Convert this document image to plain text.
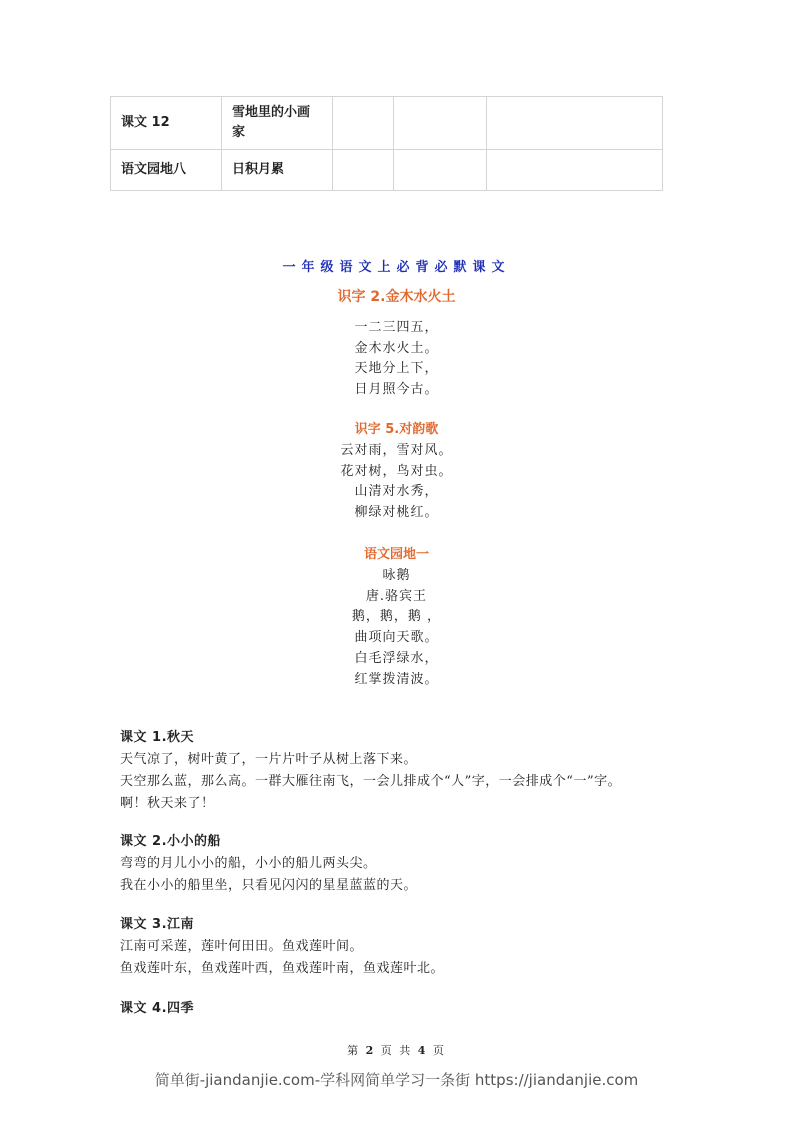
课文 12	雪地里的小画家			
语文园地八	日积月累			
一年级语文上必背必默课文
识字 2.金木水火土
一二三四五，
金木水火土。
天地分上下，
日月照今古。
识字 5.对韵歌
云对雨，雪对风。
花对树，鸟对虫。
山清对水秀，
柳绿对桃红。
语文园地一
咏鹅
唐.骆宾王
鹅，鹅，鹅 ，
曲项向天歌。
白毛浮绿水，
红掌拨清波。
课文 1.秋天
天气凉了，树叶黄了，一片片叶子从树上落下来。
天空那么蓝，那么高。一群大雁往南飞，一会儿排成个“人”字，一会排成个“一”字。
啊！秋天来了！
课文 2.小小的船
弯弯的月儿小小的船，小小的船儿两头尖。
我在小小的船里坐，只看见闪闪的星星蓝蓝的天。
课文 3.江南
江南可采莲，莲叶何田田。鱼戏莲叶间。
鱼戏莲叶东，鱼戏莲叶西，鱼戏莲叶南，鱼戏莲叶北。
课文 4.四季
第 2 页 共 4 页
简单街-jiandanjie.com-学科网简单学习一条街 https://jiandanjie.com
